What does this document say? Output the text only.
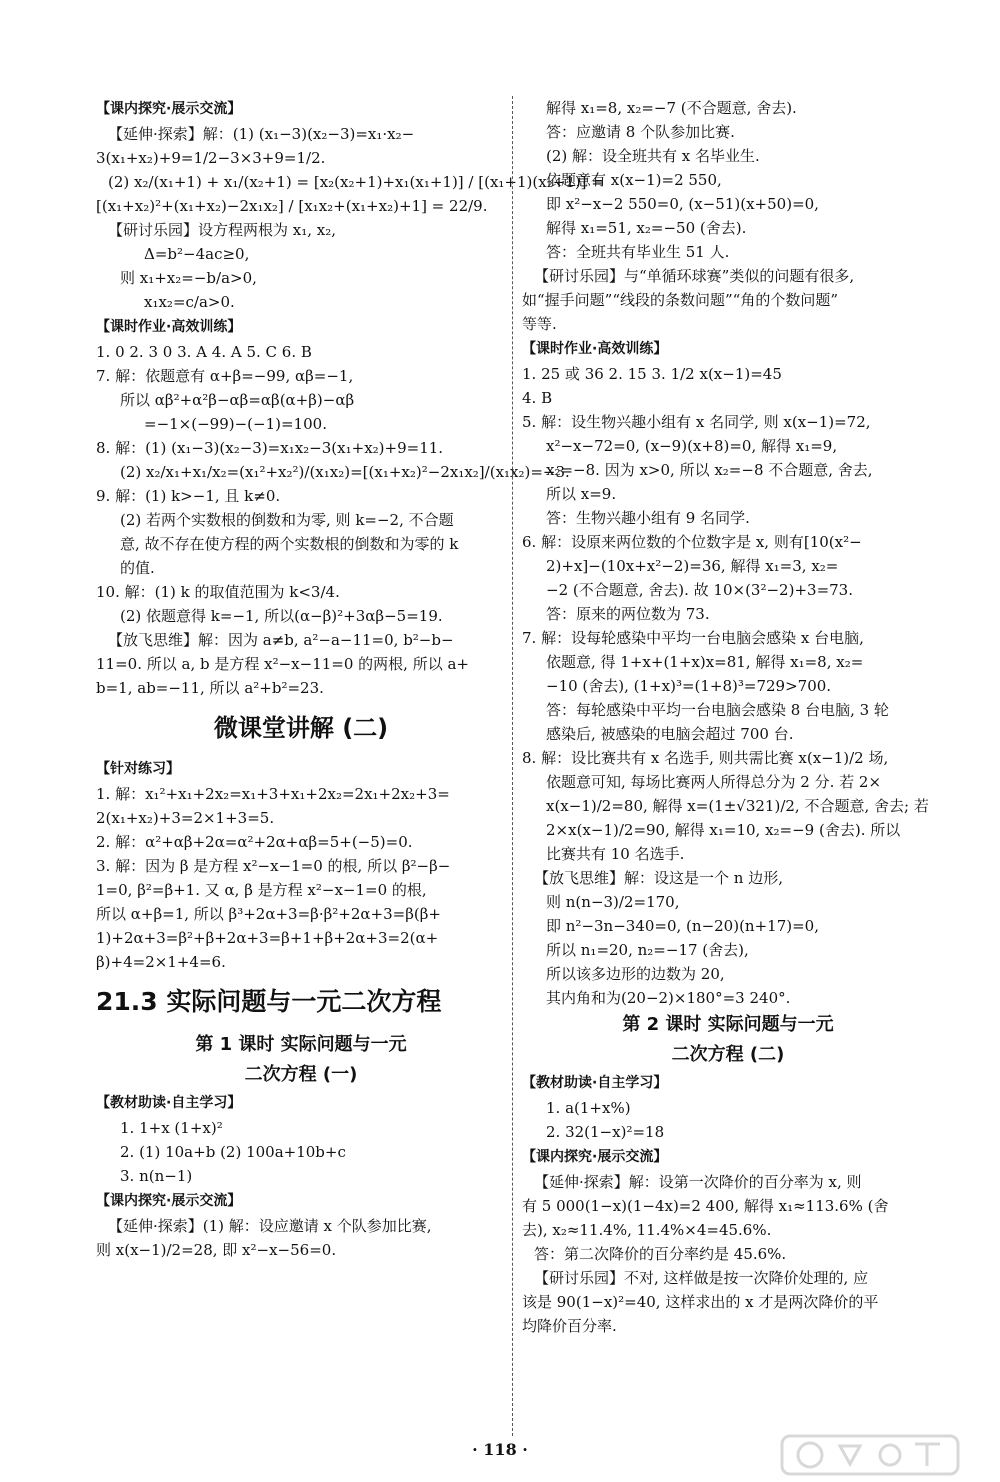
【课内探究·展示交流】
【延伸·探索】解：(1) (x₁−3)(x₂−3)=x₁·x₂−
3(x₁+x₂)+9=1/2−3×3+9=1/2.
(2) x₂/(x₁+1) + x₁/(x₂+1) = [x₂(x₂+1)+x₁(x₁+1)] / [(x₁+1)(x₂+1)] =
[(x₁+x₂)²+(x₁+x₂)−2x₁x₂] / [x₁x₂+(x₁+x₂)+1] = 22/9.
【研讨乐园】设方程两根为 x₁, x₂,
Δ=b²−4ac≥0,
则 x₁+x₂=−b/a>0,
x₁x₂=c/a>0.
【课时作业·高效训练】
1. 0 2. 3 0 3. A 4. A 5. C 6. B
7. 解：依题意有 α+β=−99, αβ=−1,
所以 αβ²+α²β−αβ=αβ(α+β)−αβ
=−1×(−99)−(−1)=100.
8. 解：(1) (x₁−3)(x₂−3)=x₁x₂−3(x₁+x₂)+9=11.
(2) x₂/x₁+x₁/x₂=(x₁²+x₂²)/(x₁x₂)=[(x₁+x₂)²−2x₁x₂]/(x₁x₂)=−3.
9. 解：(1) k>−1, 且 k≠0.
(2) 若两个实数根的倒数和为零, 则 k=−2, 不合题
意, 故不存在使方程的两个实数根的倒数和为零的 k
的值.
10. 解：(1) k 的取值范围为 k<3/4.
(2) 依题意得 k=−1, 所以(α−β)²+3αβ−5=19.
【放飞思维】解：因为 a≠b, a²−a−11=0, b²−b−
11=0. 所以 a, b 是方程 x²−x−11=0 的两根, 所以 a+
b=1, ab=−11, 所以 a²+b²=23.
微课堂讲解 (二)
【针对练习】
1. 解：x₁²+x₁+2x₂=x₁+3+x₁+2x₂=2x₁+2x₂+3=
2(x₁+x₂)+3=2×1+3=5.
2. 解：α²+αβ+2α=α²+2α+αβ=5+(−5)=0.
3. 解：因为 β 是方程 x²−x−1=0 的根, 所以 β²−β−
1=0, β²=β+1. 又 α, β 是方程 x²−x−1=0 的根,
所以 α+β=1, 所以 β³+2α+3=β·β²+2α+3=β(β+
1)+2α+3=β²+β+2α+3=β+1+β+2α+3=2(α+
β)+4=2×1+4=6.
21.3 实际问题与一元二次方程
第 1 课时 实际问题与一元
二次方程 (一)
【教材助读·自主学习】
1. 1+x (1+x)²
2. (1) 10a+b (2) 100a+10b+c
3. n(n−1)
【课内探究·展示交流】
【延伸·探索】(1) 解：设应邀请 x 个队参加比赛,
则 x(x−1)/2=28, 即 x²−x−56=0.
解得 x₁=8, x₂=−7 (不合题意, 舍去).
答：应邀请 8 个队参加比赛.
(2) 解：设全班共有 x 名毕业生.
依题意有 x(x−1)=2 550,
即 x²−x−2 550=0, (x−51)(x+50)=0,
解得 x₁=51, x₂=−50 (舍去).
答：全班共有毕业生 51 人.
【研讨乐园】与“单循环球赛”类似的问题有很多,
如“握手问题”“线段的条数问题”“角的个数问题”
等等.
【课时作业·高效训练】
1. 25 或 36 2. 15 3. 1/2 x(x−1)=45
4. B
5. 解：设生物兴趣小组有 x 名同学, 则 x(x−1)=72,
x²−x−72=0, (x−9)(x+8)=0, 解得 x₁=9,
x₂=−8. 因为 x>0, 所以 x₂=−8 不合题意, 舍去,
所以 x=9.
答：生物兴趣小组有 9 名同学.
6. 解：设原来两位数的个位数字是 x, 则有[10(x²−
2)+x]−(10x+x²−2)=36, 解得 x₁=3, x₂=
−2 (不合题意, 舍去). 故 10×(3²−2)+3=73.
答：原来的两位数为 73.
7. 解：设每轮感染中平均一台电脑会感染 x 台电脑,
依题意, 得 1+x+(1+x)x=81, 解得 x₁=8, x₂=
−10 (舍去), (1+x)³=(1+8)³=729>700.
答：每轮感染中平均一台电脑会感染 8 台电脑, 3 轮
感染后, 被感染的电脑会超过 700 台.
8. 解：设比赛共有 x 名选手, 则共需比赛 x(x−1)/2 场,
依题意可知, 每场比赛两人所得总分为 2 分. 若 2×
x(x−1)/2=80, 解得 x=(1±√321)/2, 不合题意, 舍去; 若
2×x(x−1)/2=90, 解得 x₁=10, x₂=−9 (舍去). 所以
比赛共有 10 名选手.
【放飞思维】解：设这是一个 n 边形,
则 n(n−3)/2=170,
即 n²−3n−340=0, (n−20)(n+17)=0,
所以 n₁=20, n₂=−17 (舍去),
所以该多边形的边数为 20,
其内角和为(20−2)×180°=3 240°.
第 2 课时 实际问题与一元
二次方程 (二)
【教材助读·自主学习】
1. a(1+x%)
2. 32(1−x)²=18
【课内探究·展示交流】
【延伸·探索】解：设第一次降价的百分率为 x, 则
有 5 000(1−x)(1−4x)=2 400, 解得 x₁≈113.6% (舍
去), x₂≈11.4%, 11.4%×4=45.6%.
答：第二次降价的百分率约是 45.6%.
【研讨乐园】不对, 这样做是按一次降价处理的, 应
该是 90(1−x)²=40, 这样求出的 x 才是两次降价的平
均降价百分率.
· 118 ·
